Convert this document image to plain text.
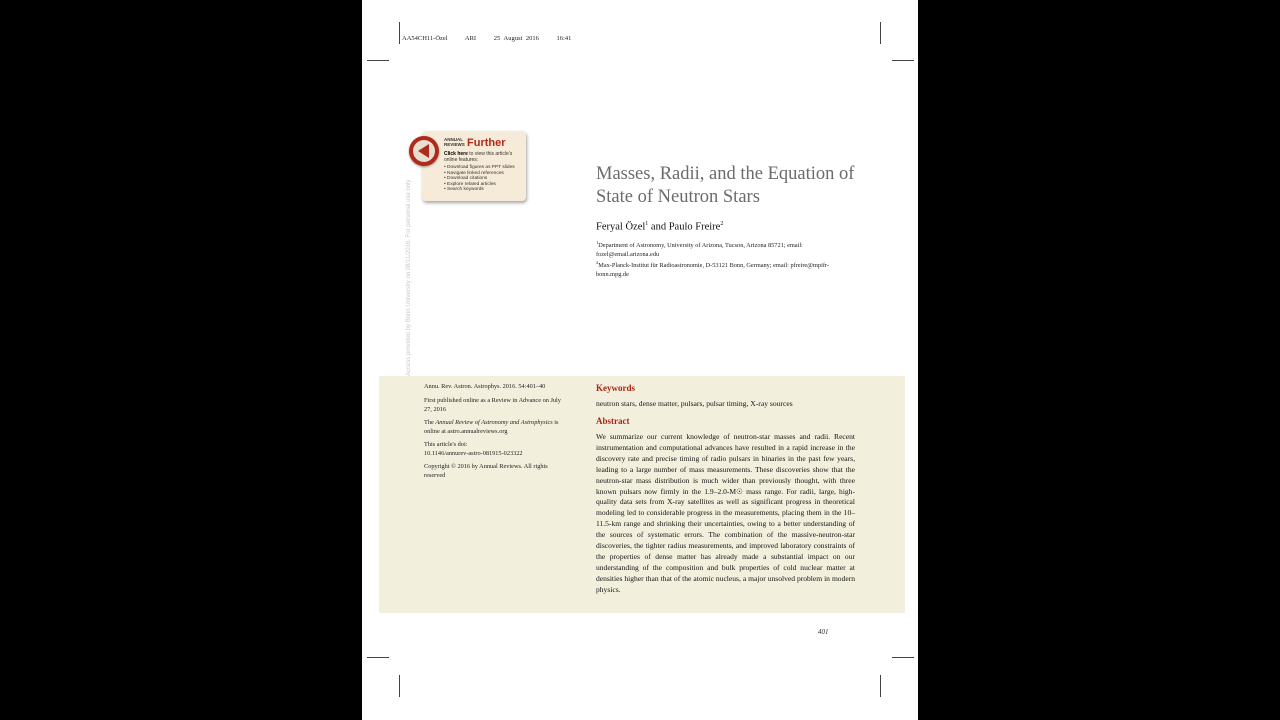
AA54CH11-Özel	ARI	25 August 2016	16:41
ANNUAL
REVIEWS Further
Click here to view this article's online features:
• Download figures as PPT slides
• Navigate linked references
• Download citations
• Explore related articles
• Search keywords
Access provided by Bonn University on 08/11/2016. For personal use only.
Masses, Radii, and the Equation of State of Neutron Stars
Feryal Özel$^1$ and Paulo Freire$^2$
$^1$Department of Astronomy, University of Arizona, Tucson, Arizona 85721; email: fozel@email.arizona.edu
$^2$Max-Planck-Institut für Radioastronomie, D-53121 Bonn, Germany; email: pfreire@mpifr-bonn.mpg.de
Annu. Rev. Astron. Astrophys. 2016. 54:401–40
First published online as a Review in Advance on July 27, 2016
The Annual Review of Astronomy and Astrophysics is online at astro.annualreviews.org
This article's doi:
10.1146/annurev-astro-081915-023322
Copyright © 2016 by Annual Reviews. All rights reserved
Keywords
neutron stars, dense matter, pulsars, pulsar timing, X-ray sources
Abstract
We summarize our current knowledge of neutron-star masses and radii. Recent instrumentation and computational advances have resulted in a rapid increase in the discovery rate and precise timing of radio pulsars in binaries in the past few years, leading to a large number of mass measurements. These discoveries show that the neutron-star mass distribution is much wider than previously thought, with three known pulsars now firmly in the 1.9–2.0-M☉ mass range. For radii, large, high-quality data sets from X-ray satellites as well as significant progress in theoretical modeling led to considerable progress in the measurements, placing them in the 10–11.5-km range and shrinking their uncertainties, owing to a better understanding of the sources of systematic errors. The combination of the massive-neutron-star discoveries, the tighter radius measurements, and improved laboratory constraints of the properties of dense matter has already made a substantial impact on our understanding of the composition and bulk properties of cold nuclear matter at densities higher than that of the atomic nucleus, a major unsolved problem in modern physics.
401
